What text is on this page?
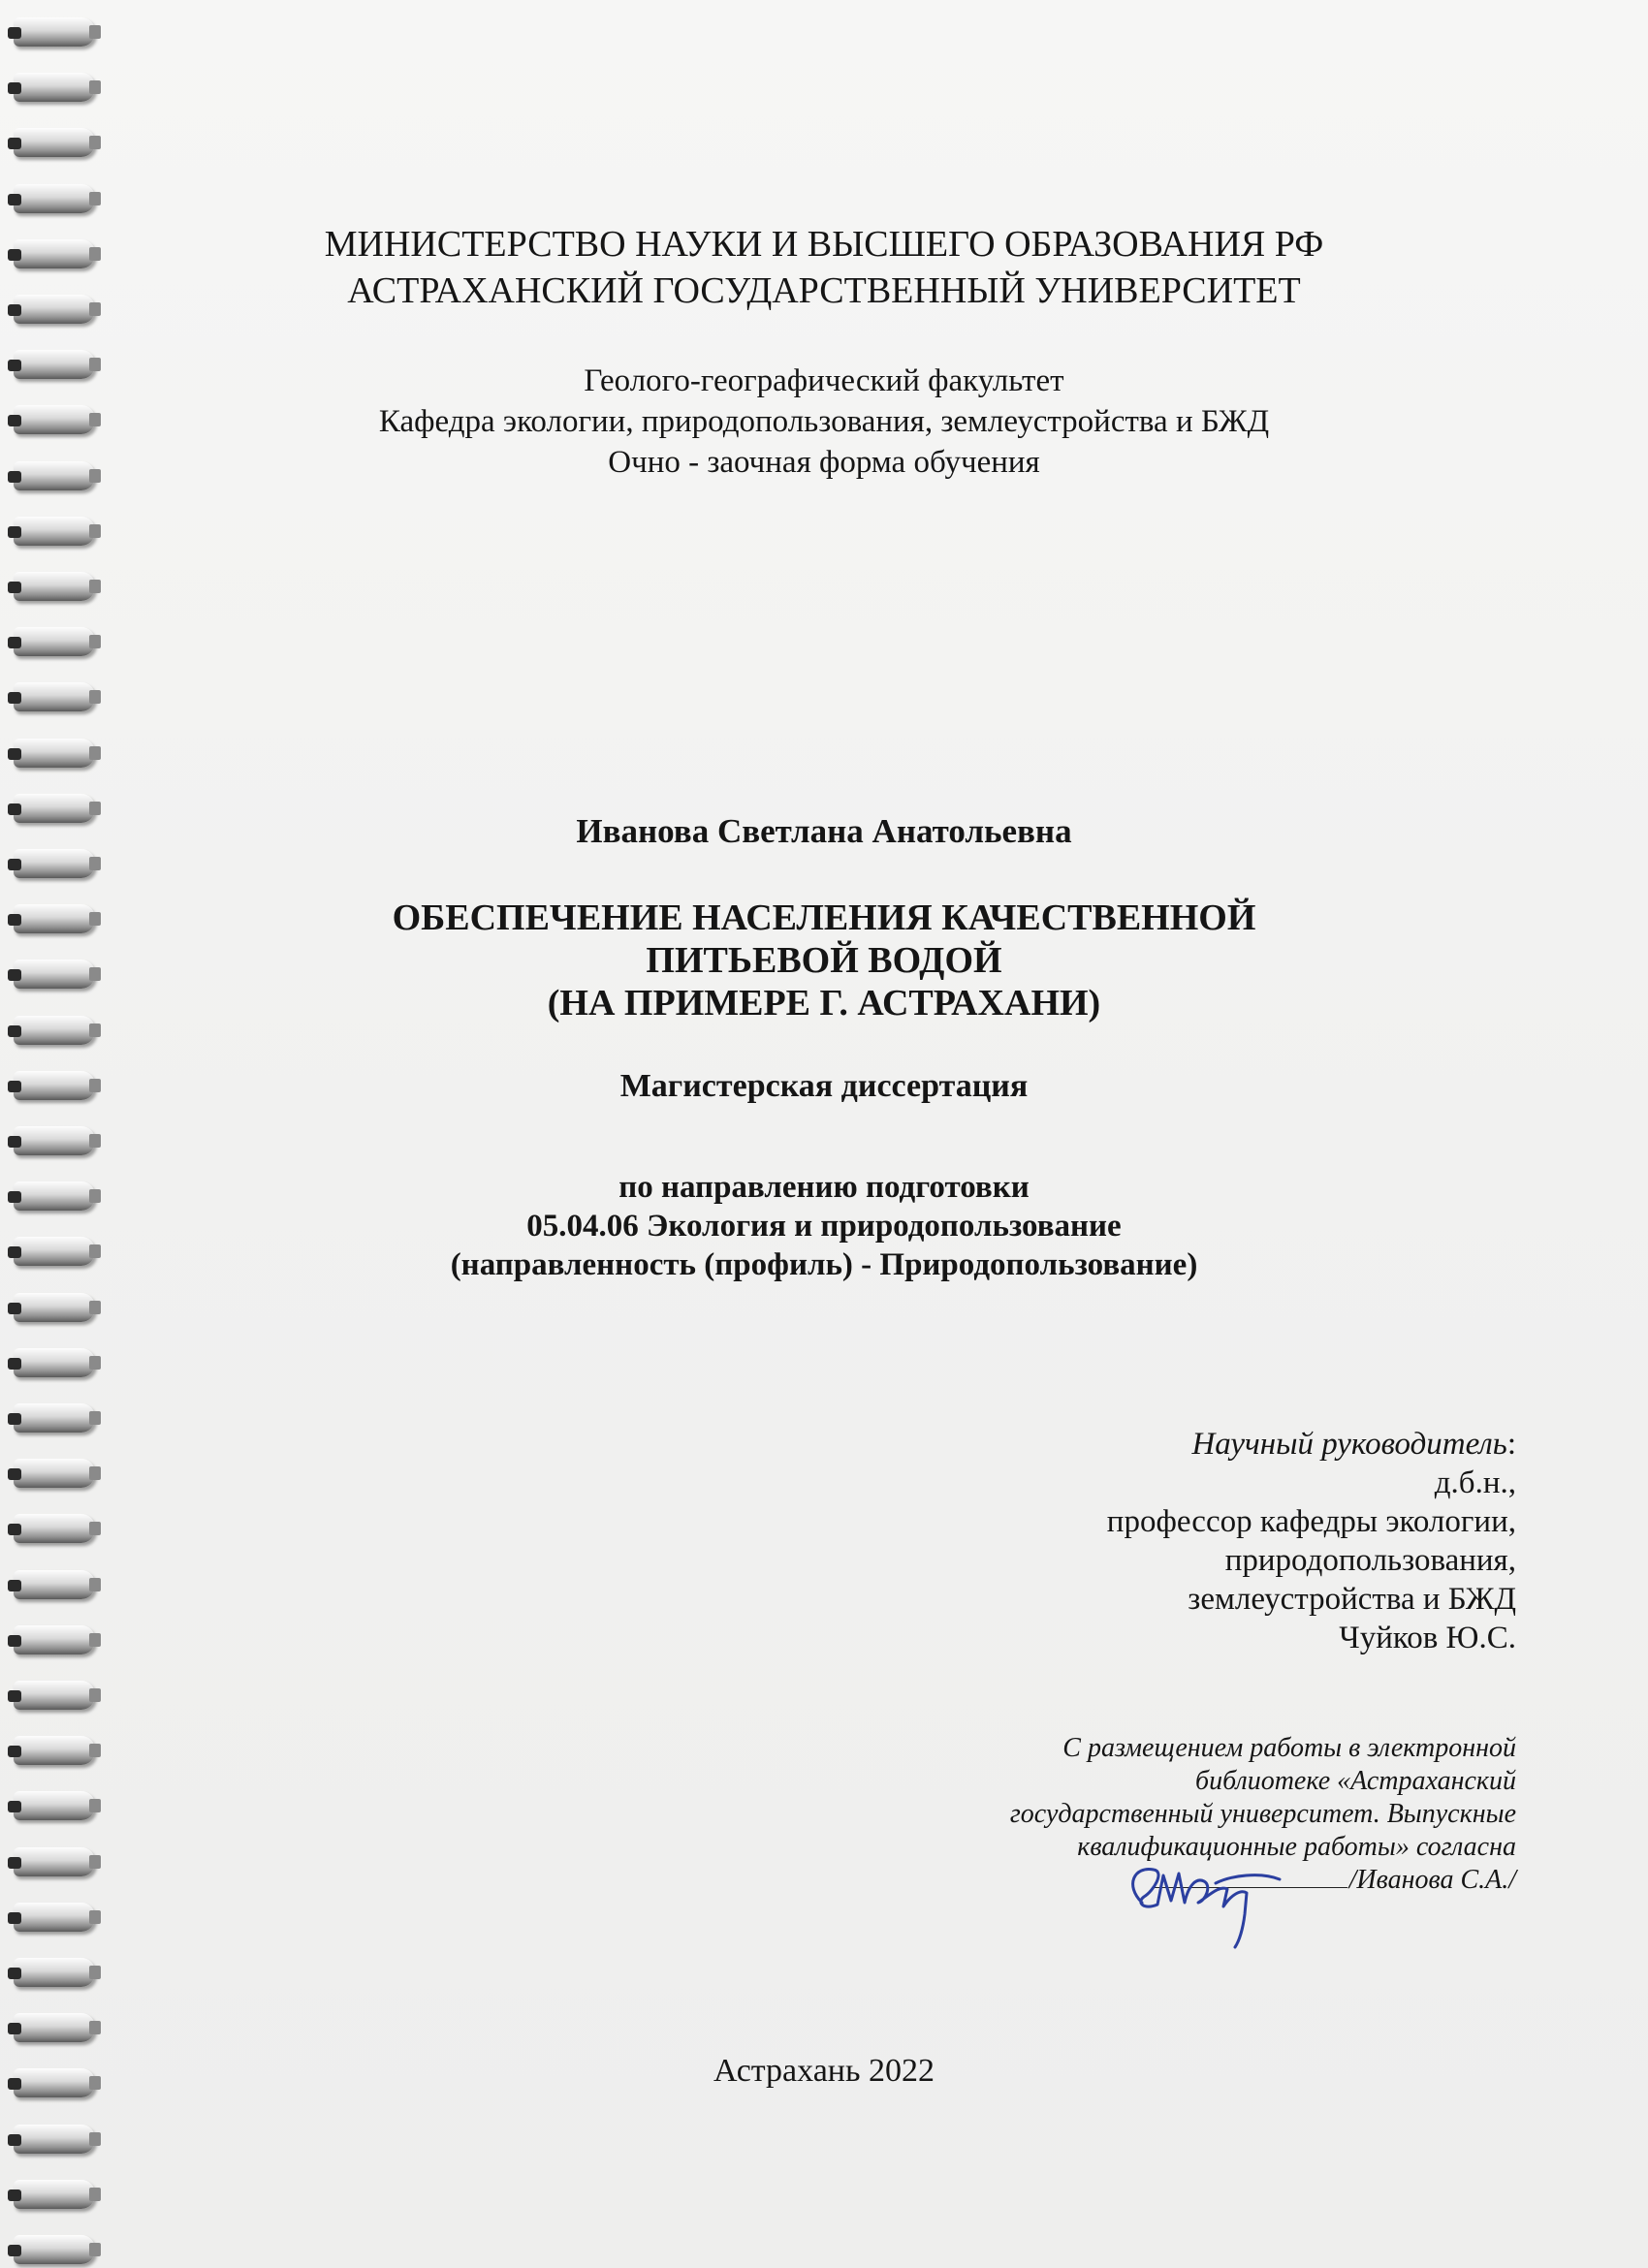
МИНИСТЕРСТВО НАУКИ И ВЫСШЕГО ОБРАЗОВАНИЯ РФ
АСТРАХАНСКИЙ ГОСУДАРСТВЕННЫЙ УНИВЕРСИТЕТ
Геолого-географический факультет
Кафедра экологии, природопользования, землеустройства и БЖД
Очно - заочная форма обучения
Иванова Светлана Анатольевна
ОБЕСПЕЧЕНИЕ НАСЕЛЕНИЯ КАЧЕСТВЕННОЙ
ПИТЬЕВОЙ ВОДОЙ
(НА ПРИМЕРЕ Г. АСТРАХАНИ)
Магистерская диссертация
по направлению подготовки
05.04.06 Экология и природопользование
(направленность (профиль) - Природопользование)
Научный руководитель:
д.б.н.,
профессор кафедры экологии,
природопользования,
землеустройства и БЖД
Чуйков Ю.С.
С размещением работы в электронной
библиотеке «Астраханский
государственный университет. Выпускные
квалификационные работы» согласна
/Иванова С.А./
Астрахань 2022
